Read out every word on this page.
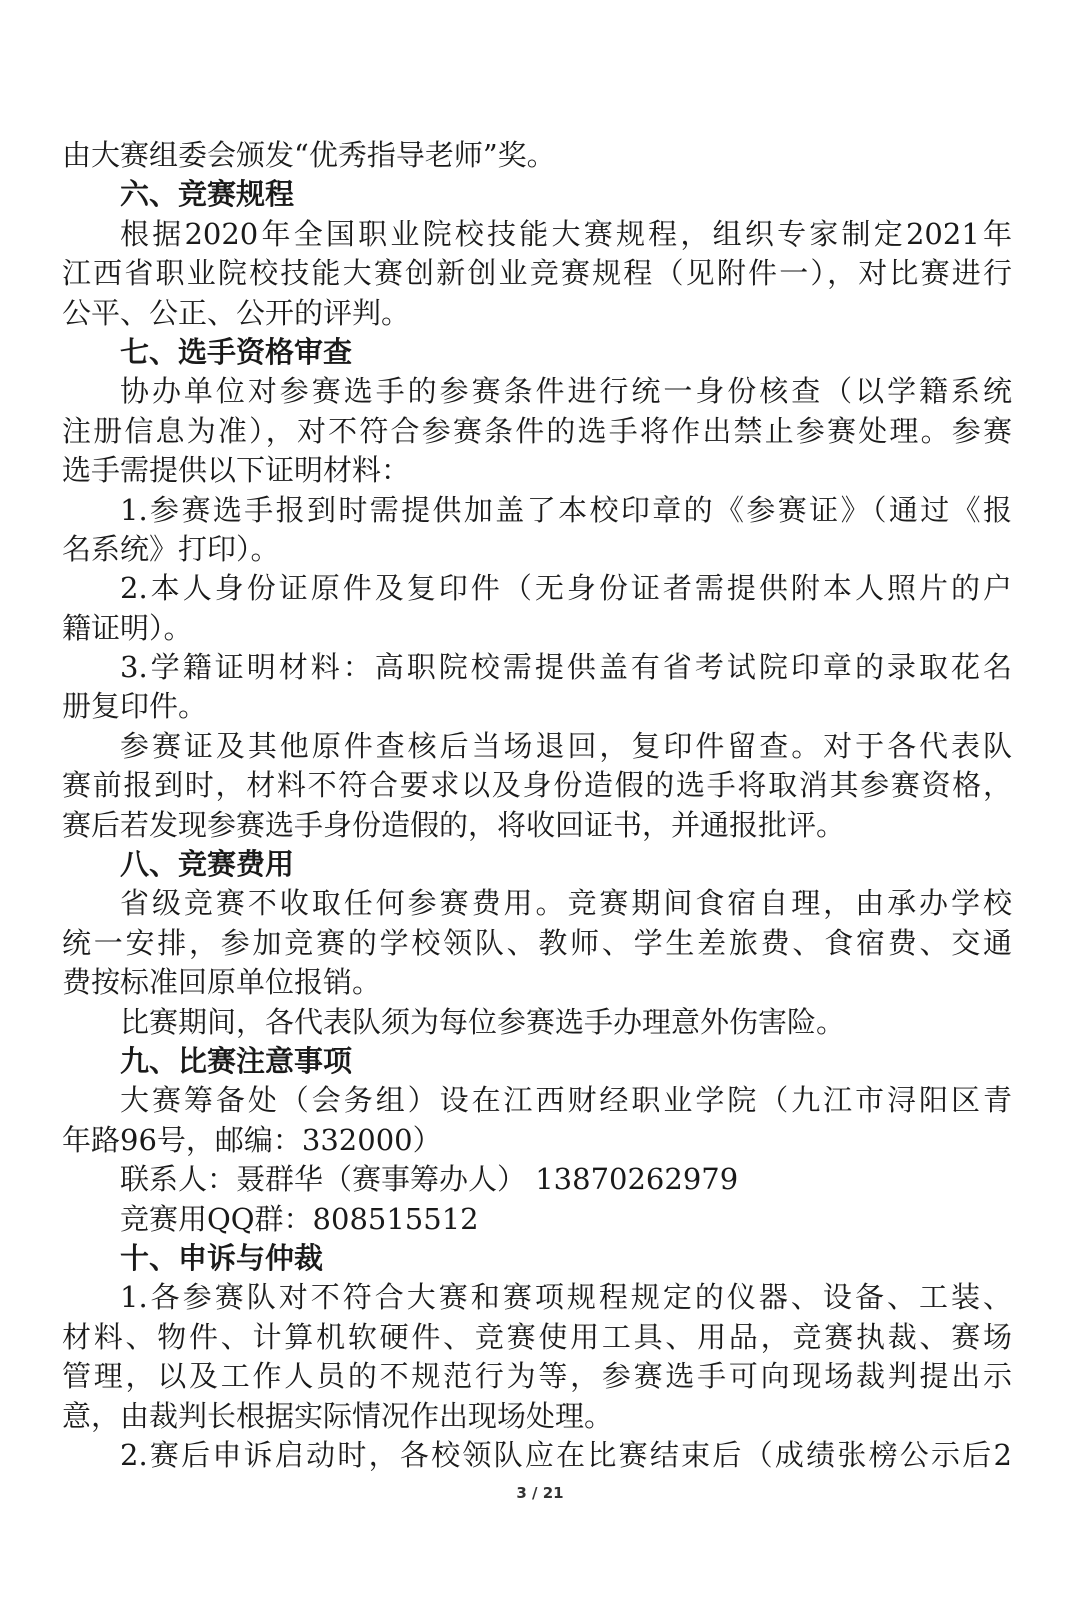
由大赛组委会颁发“优秀指导老师”奖。
六、竞赛规程
根据2020年全国职业院校技能大赛规程，组织专家制定2021年
江西省职业院校技能大赛创新创业竞赛规程（见附件一），对比赛进行
公平、公正、公开的评判。
七、选手资格审查
协办单位对参赛选手的参赛条件进行统一身份核查（以学籍系统
注册信息为准），对不符合参赛条件的选手将作出禁止参赛处理。参赛
选手需提供以下证明材料：
1.参赛选手报到时需提供加盖了本校印章的《参赛证》（通过《报
名系统》打印）。
2.本人身份证原件及复印件（无身份证者需提供附本人照片的户
籍证明）。
3.学籍证明材料：高职院校需提供盖有省考试院印章的录取花名
册复印件。
参赛证及其他原件查核后当场退回，复印件留查。对于各代表队
赛前报到时，材料不符合要求以及身份造假的选手将取消其参赛资格，
赛后若发现参赛选手身份造假的，将收回证书，并通报批评。
八、竞赛费用
省级竞赛不收取任何参赛费用。竞赛期间食宿自理，由承办学校
统一安排，参加竞赛的学校领队、教师、学生差旅费、食宿费、交通
费按标准回原单位报销。
比赛期间，各代表队须为每位参赛选手办理意外伤害险。
九、比赛注意事项
大赛筹备处（会务组）设在江西财经职业学院（九江市浔阳区青
年路96号，邮编：332000）
联系人：聂群华（赛事筹办人） 13870262979
竞赛用QQ群：808515512
十、申诉与仲裁
1.各参赛队对不符合大赛和赛项规程规定的仪器、设备、工装、
材料、物件、计算机软硬件、竞赛使用工具、用品，竞赛执裁、赛场
管理，以及工作人员的不规范行为等，参赛选手可向现场裁判提出示
意，由裁判长根据实际情况作出现场处理。
2.赛后申诉启动时，各校领队应在比赛结束后（成绩张榜公示后2
3 / 21
